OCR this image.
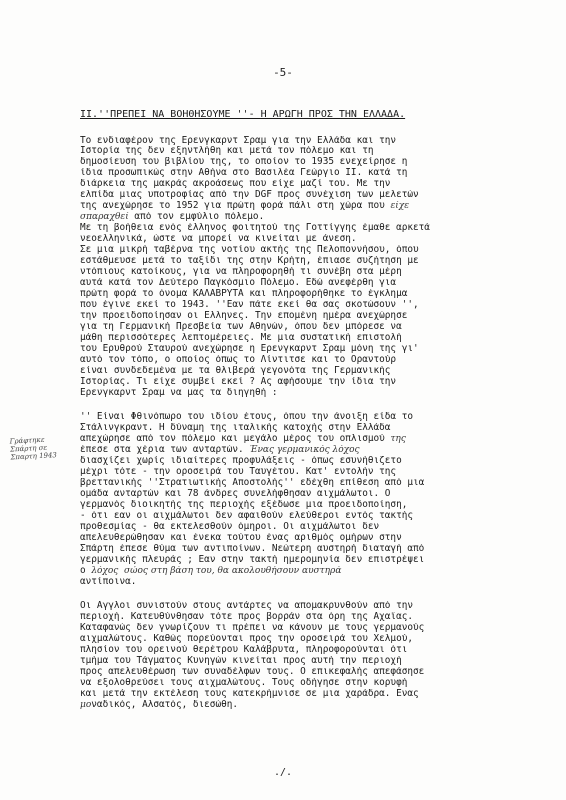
-5-
II.''ΠΡΕΠΕΙ ΝΑ ΒΟΗΘΗΣΟΥΜΕ ''- Η ΑΡΩΓΗ ΠΡΟΣ ΤΗΝ ΕΛΛΑΔΑ.
Το ενδιαφέρον της Ερενγκαρντ Σραμ για την Ελλάδα και την
Ιστορία της δεν εξηντλήθη και μετά τον πόλεμο και τη
δημοσίευση του βιβλίου της, το οποίον το 1935 ενεχείρησε η
ίδια προσωπικώς στην Αθήνα στο Βασιλέα Γεώργιο ΙΙ. κατά τη
διάρκεια της μακράς ακροάσεως που είχε μαζί του. Με την
ελπίδα μιας υποτροφίας από την DGF προς συνέχιση των μελετών
της ανεχώρησε το 1952 για πρώτη φορά πάλι στη χώρα που είχε
σπαραχθεί από τον εμφύλιο πόλεμο.
Με τη βοήθεια ενός έλληνος φοιτητού της Γοττίγγης έμαθε αρκετά
νεοελληνικά, ώστε να μπορεί να κινείται με άνεση.
Σε μια μικρή ταβέρνα της νοτίου ακτής της Πελοποννήσου, όπου
εστάθμευσε μετά το ταξίδι της στην Κρήτη, έπιασε συζήτηση με
ντόπιους κατοίκους, για να πληροφορηθή τι συνέβη στα μέρη
αυτά κατά τον Δεύτερο Παγκόσμιο Πόλεμο. Εδώ ανεφέρθη για
πρώτη φορά το όνομα ΚΑΛΑΒΡΥΤΑ και πληροφορήθηκε το έγκλημα
που έγινε εκεί το 1943. ''Εαν πάτε εκεί θα σας σκοτώσουν '',
την προειδοποίησαν οι Ελληνες. Την επομένη ημέρα ανεχώρησε
για τη Γερμανική Πρεσβεία των Αθηνών, όπου δεν μπόρεσε να
μάθη περισσότερες λεπτομέρειες. Με μια συστατική επιστολή
του Ερυθρού Σταυρού ανεχώρησε η Ερενγκαρντ Σραμ μόνη της γι'
αυτό τον τόπο, ο οποίος όπως το Λίντιτσε και το Οραντούρ
είναι συνδεδεμένα με τα θλιβερά γεγονότα της Γερμανικής
Ιστορίας. Τι είχε συμβεί εκεί ? Ας αφήσουμε την ίδια την
Ερενγκαρντ Σραμ να μας τα διηγηθή :
'' Είναι Φθινόπωρο του ιδίου έτους, όπου την άνοιξη είδα το
Στάλινγκραντ. Η δύναμη της ιταλικής κατοχής στην Ελλάδα
απεχώρησε από τον πόλεμο και μεγάλο μέρος του οπλισμού της
έπεσε στα χέρια των ανταρτών. Ένας γερμανικός λόχος
διασχίζει χωρίς ιδιαίτερες προφυλάξεις - όπως εσυνήθιζετο
μέχρι τότε - την οροσειρά του Ταυγέτου. Κατ' εντολήν της
βρεττανικής ''Στρατιωτικής Αποστολής'' εδέχθη επίθεση από μια
ομάδα ανταρτών και 78 άνδρες συνελήφθησαν αιχμάλωτοι. Ο
γερμανός διοικητής της περιοχής εξέδωσε μια προειδοποίηση,
- ότι εαν οι αιχμάλωτοι δεν αφαιθούν ελεύθεροι εντός τακτής
προθεσμίας - θα εκτελεσθούν όμηροι. Οι αιχμάλωτοι δεν
απελευθερώθησαν και ένεκα τούτου ένας αριθμός ομήρων στην
Σπάρτη έπεσε θύμα των αντιποίνων. Νεώτερη αυστηρή διαταγή από
γερμανικής πλευράς ; Εαν στην τακτή ημερομηνία δεν επιστρέψει
ο λόχος σώος στη βάση του, θα ακολουθήσουν αυστηρά
αντίποινα.
Γράφτηκε Σπάρτη σε Σπαρτη 1943
Οι Αγγλοι συνιστούν στους αντάρτες να απομακρυνθούν από την
περιοχή. Κατευθύνθησαν τότε προς βορράν στα όρη της Αχαΐας.
Καταφανώς δεν γνωρίζουν τι πρέπει να κάνουν με τους γερμανούς
αιχμαλώτους. Καθώς πορεύονται προς την οροσειρά του Χελμού,
πλησίον του ορεινού θερέτρου Καλάβρυτα, πληροφορούνται ότι
τμήμα του Τάγματος Κυνηγών κινείται προς αυτή την περιοχή
προς απελευθέρωση των συναδέλφων τους. Ο επικεφαλής απεφάσησε
να εξολοθρεύσει τους αιχμαλώτους. Τους οδήγησε στην κορυφή
και μετά την εκτέλεση τους κατεκρήμνισε σε μια χαράδρα. Ενας
μοναδικός, Αλσατός, διεσώθη.
./.
